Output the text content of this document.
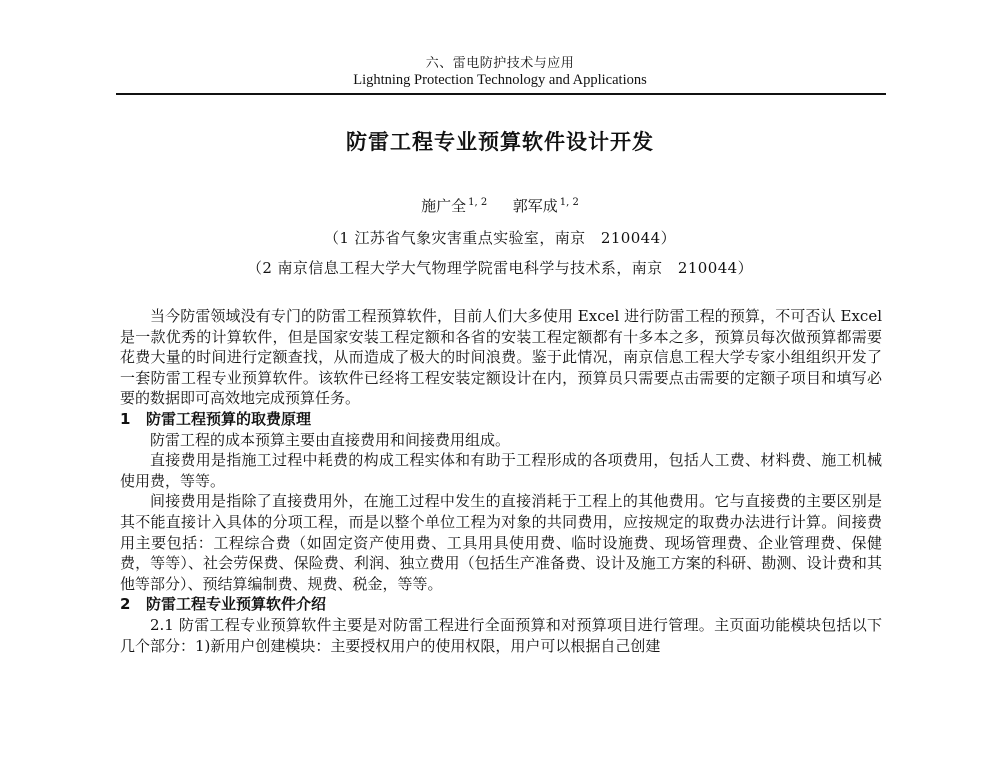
六、雷电防护技术与应用
Lightning Protection Technology and Applications
防雷工程专业预算软件设计开发
施广全 $^{1, 2}$ 郭军成 $^{1, 2}$
（1 江苏省气象灾害重点实验室，南京　210044）
（2 南京信息工程大学大气物理学院雷电科学与技术系，南京　210044）

当今防雷领域没有专门的防雷工程预算软件，目前人们大多使用 Excel 进行防雷工程的预算，不可否认 Excel 是一款优秀的计算软件，但是国家安装工程定额和各省的安装工程定额都有十多本之多，预算员每次做预算都需要花费大量的时间进行定额查找，从而造成了极大的时间浪费。鉴于此情况，南京信息工程大学专家小组组织开发了一套防雷工程专业预算软件。该软件已经将工程安装定额设计在内，预算员只需要点击需要的定额子项目和填写必要的数据即可高效地完成预算任务。

1 防雷工程预算的取费原理

防雷工程的成本预算主要由直接费用和间接费用组成。

直接费用是指施工过程中耗费的构成工程实体和有助于工程形成的各项费用，包括人工费、材料费、施工机械使用费，等等。

间接费用是指除了直接费用外，在施工过程中发生的直接消耗于工程上的其他费用。它与直接费的主要区别是其不能直接计入具体的分项工程，而是以整个单位工程为对象的共同费用，应按规定的取费办法进行计算。间接费用主要包括：工程综合费（如固定资产使用费、工具用具使用费、临时设施费、现场管理费、企业管理费、保健费，等等）、社会劳保费、保险费、利润、独立费用（包括生产准备费、设计及施工方案的科研、勘测、设计费和其他等部分）、预结算编制费、规费、税金，等等。

2 防雷工程专业预算软件介绍

2.1 防雷工程专业预算软件主要是对防雷工程进行全面预算和对预算项目进行管理。主页面功能模块包括以下几个部分：1)新用户创建模块：主要授权用户的使用权限，用户可以根据自己创建
